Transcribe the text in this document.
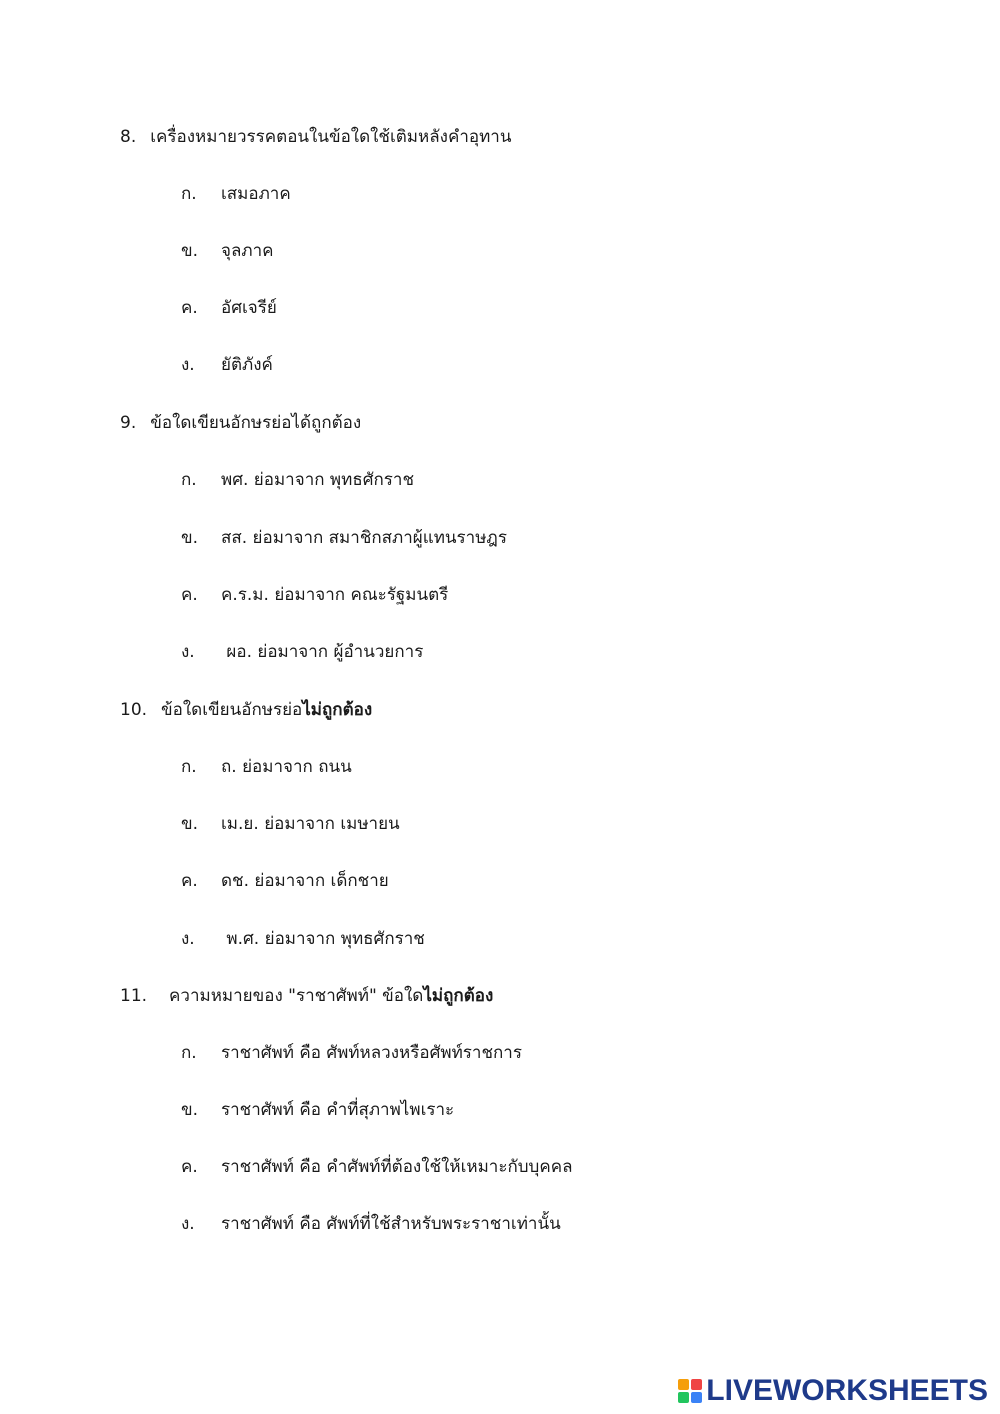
8. เครื่องหมายวรรคตอนในข้อใดใช้เติมหลังคำอุทาน
ก. เสมอภาค
ข. จุลภาค
ค. อัศเจรีย์
ง. ยัติภังค์
9. ข้อใดเขียนอักษรย่อได้ถูกต้อง
ก. พศ. ย่อมาจาก พุทธศักราช
ข. สส. ย่อมาจาก สมาชิกสภาผู้แทนราษฎร
ค. ค.ร.ม. ย่อมาจาก คณะรัฐมนตรี
ง. ผอ. ย่อมาจาก ผู้อำนวยการ
10. ข้อใดเขียนอักษรย่อไม่ถูกต้อง
ก. ถ. ย่อมาจาก ถนน
ข. เม.ย. ย่อมาจาก เมษายน
ค. ดช. ย่อมาจาก เด็กชาย
ง. พ.ศ. ย่อมาจาก พุทธศักราช
11. ความหมายของ "ราชาศัพท์" ข้อใดไม่ถูกต้อง
ก. ราชาศัพท์ คือ ศัพท์หลวงหรือศัพท์ราชการ
ข. ราชาศัพท์ คือ คำที่สุภาพไพเราะ
ค. ราชาศัพท์ คือ คำศัพท์ที่ต้องใช้ให้เหมาะกับบุคคล
ง. ราชาศัพท์ คือ ศัพท์ที่ใช้สำหรับพระราชาเท่านั้น
LIVEWORKSHEETS
